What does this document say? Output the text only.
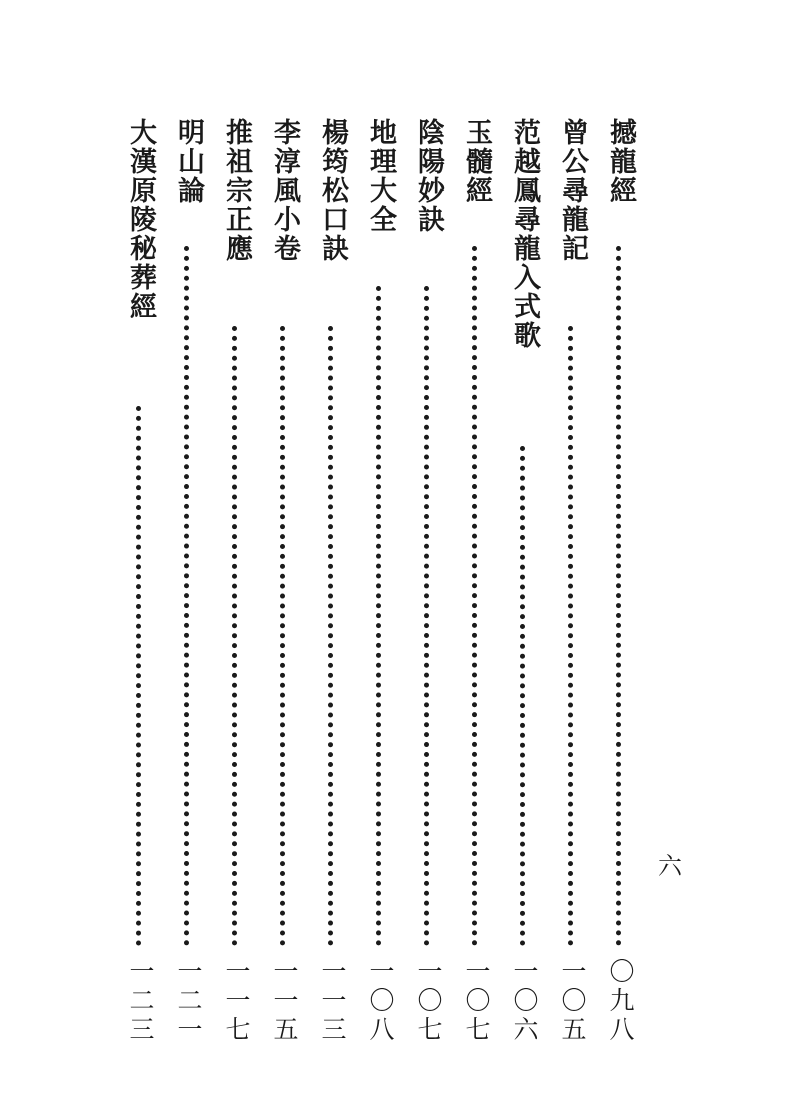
六
撼龍經
〇九八
曾公尋龍記
一〇五
范越鳳尋龍入式歌
一〇六
玉髓經
一〇七
陰陽妙訣
一〇七
地理大全
一〇八
楊筠松口訣
一一三
李淳風小卷
一一五
推祖宗正應
一一七
明山論
一二一
大漢原陵秘葬經
一二三
